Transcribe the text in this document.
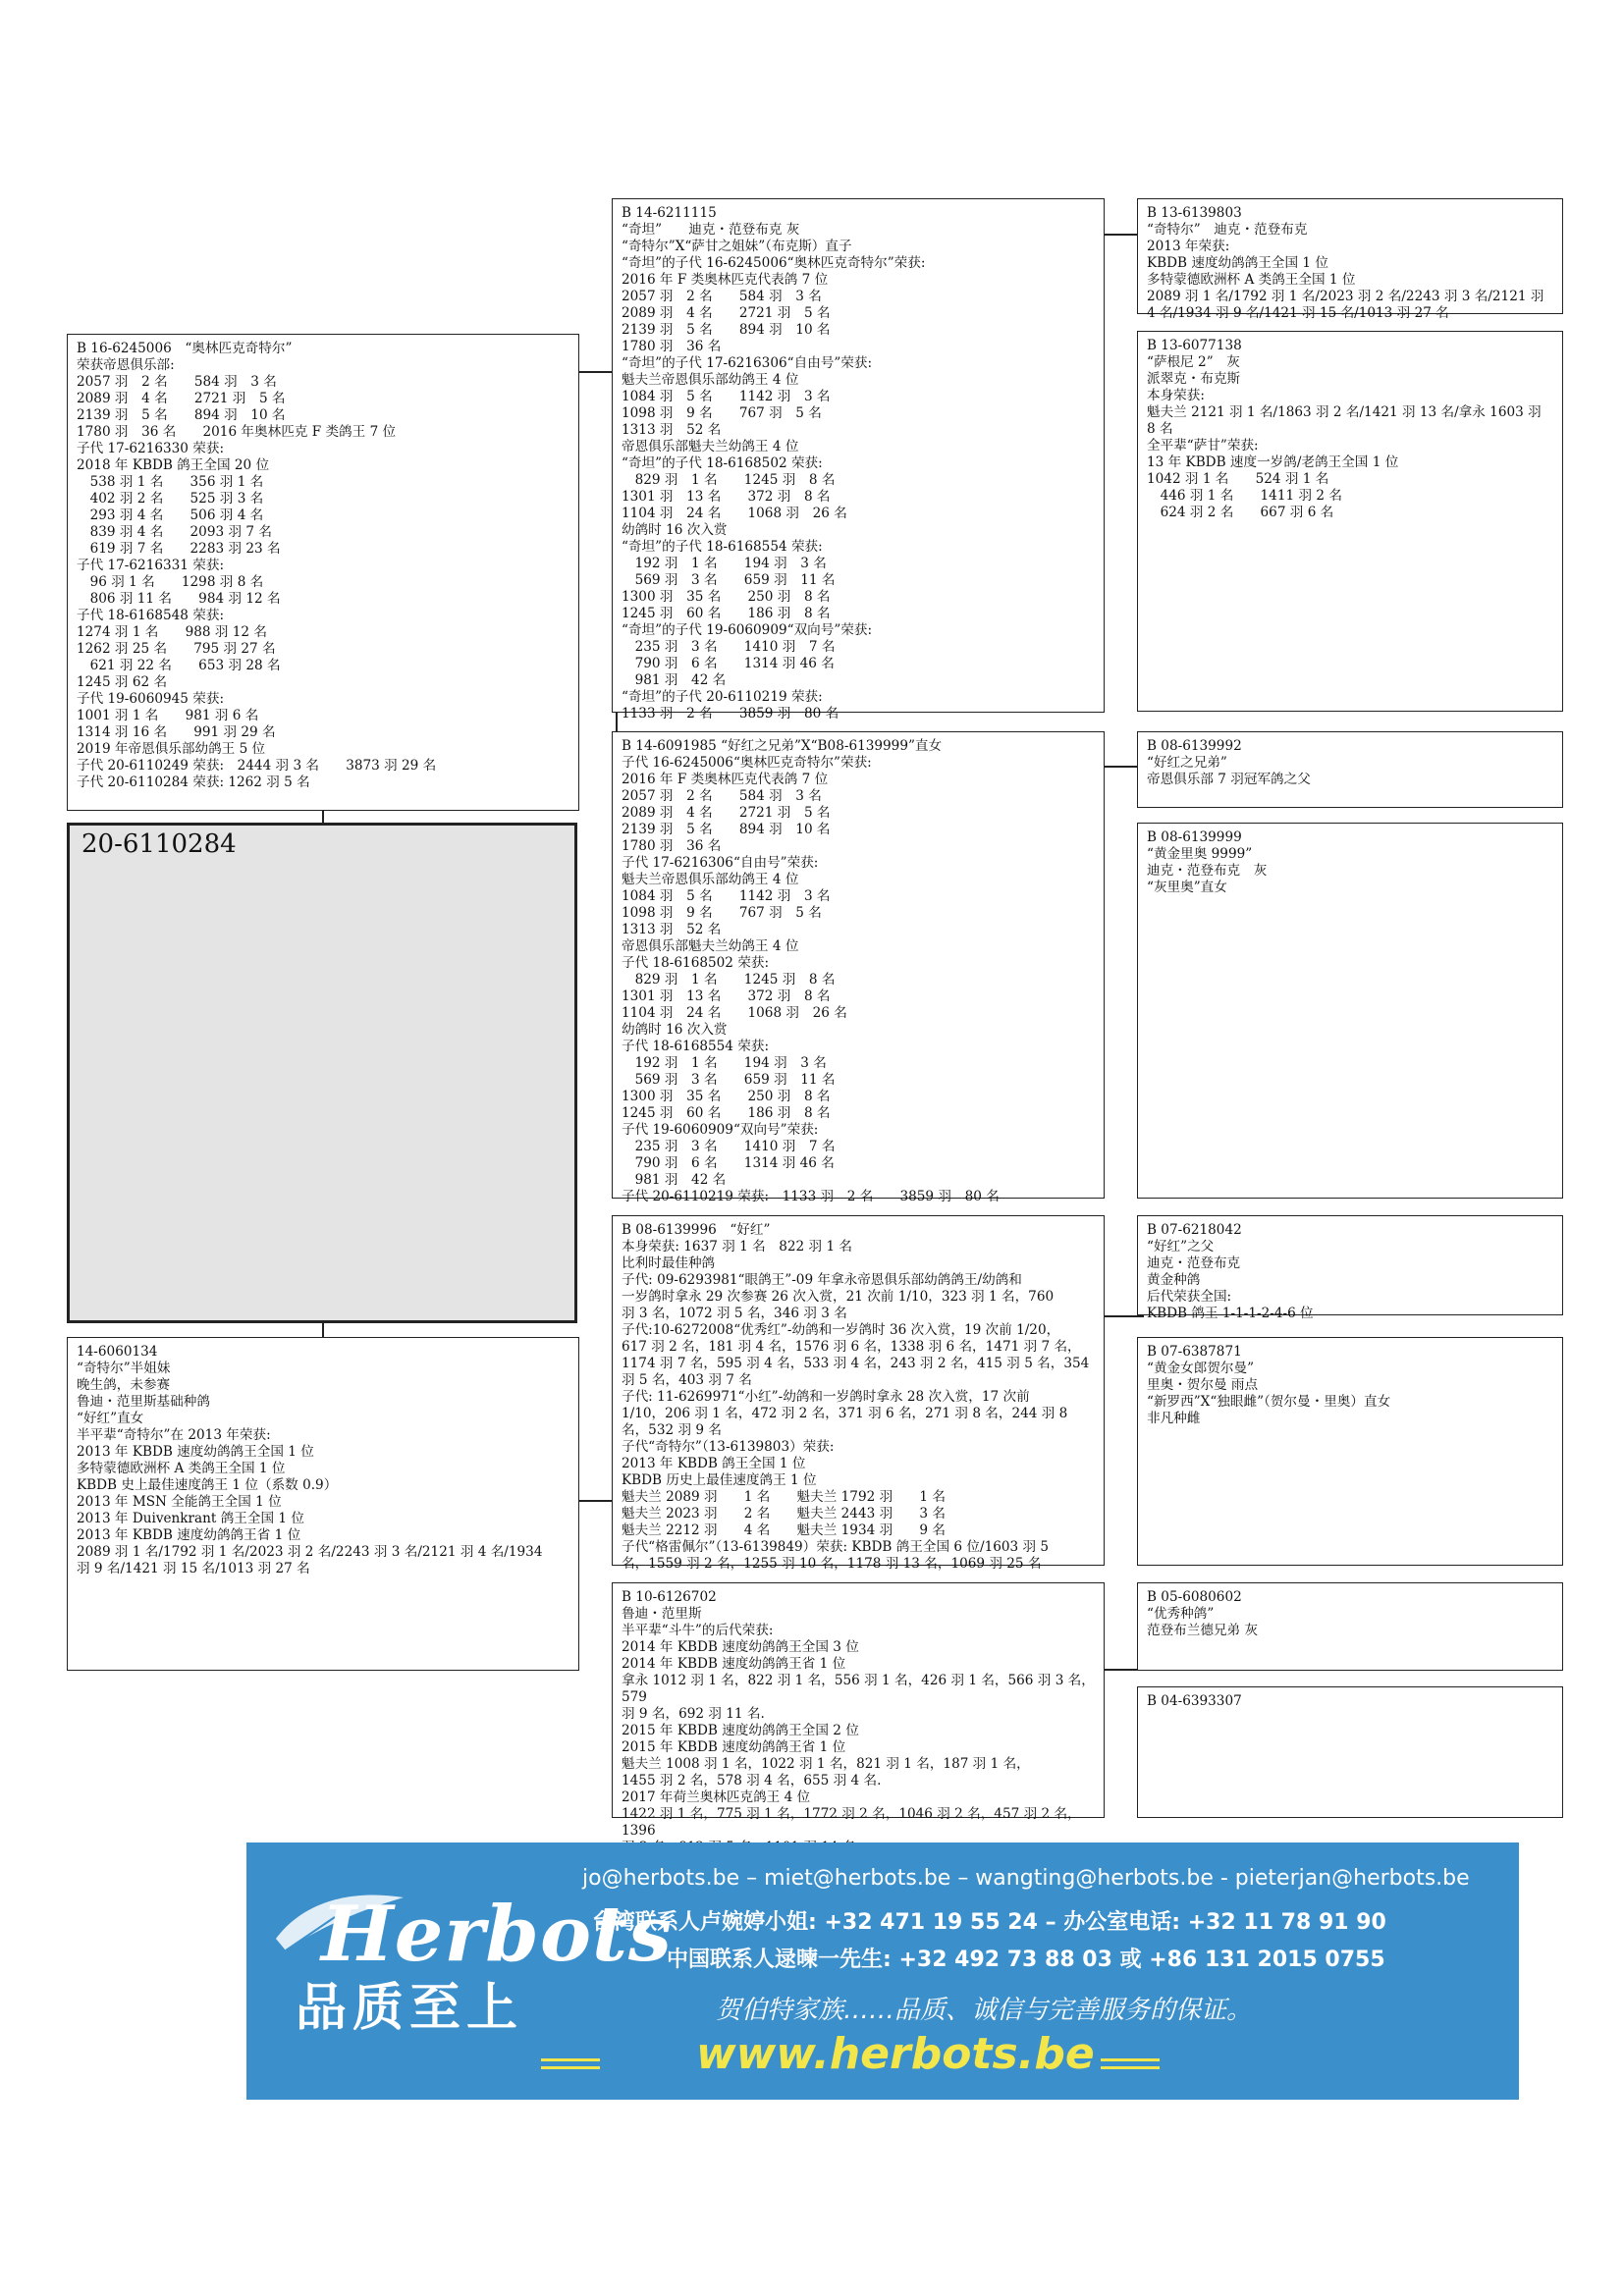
B 16-6245006　“奥林匹克奇特尔”
荣获帝恩俱乐部:
2057 羽　2 名　　584 羽　3 名
2089 羽　4 名　　2721 羽　5 名
2139 羽　5 名　　894 羽　10 名
1780 羽　36 名　　2016 年奥林匹克 F 类鸽王 7 位
子代 17-6216330 荣获:
2018 年 KBDB 鸽王全国 20 位
　538 羽 1 名　　356 羽 1 名
　402 羽 2 名　　525 羽 3 名
　293 羽 4 名　　506 羽 4 名
　839 羽 4 名　　2093 羽 7 名
　619 羽 7 名　　2283 羽 23 名
子代 17-6216331 荣获:
　96 羽 1 名　　1298 羽 8 名
　806 羽 11 名　　984 羽 12 名
子代 18-6168548 荣获:
1274 羽 1 名　　988 羽 12 名
1262 羽 25 名　　795 羽 27 名
　621 羽 22 名　　653 羽 28 名
1245 羽 62 名
子代 19-6060945 荣获:
1001 羽 1 名　　981 羽 6 名
1314 羽 16 名　　991 羽 29 名
2019 年帝恩俱乐部幼鸽王 5 位
子代 20-6110249 荣获:　2444 羽 3 名　　3873 羽 29 名
子代 20-6110284 荣获: 1262 羽 5 名
20-6110284
14-6060134
“奇特尔”半姐妹
晚生鸽，未参赛
鲁迪・范里斯基础种鸽
“好红”直女
半平辈“奇特尔”在 2013 年荣获:
2013 年 KBDB 速度幼鸽鸽王全国 1 位
多特蒙德欧洲杯 A 类鸽王全国 1 位
KBDB 史上最佳速度鸽王 1 位（系数 0.9）
2013 年 MSN 全能鸽王全国 1 位
2013 年 Duivenkrant 鸽王全国 1 位
2013 年 KBDB 速度幼鸽鸽王省 1 位
2089 羽 1 名/1792 羽 1 名/2023 羽 2 名/2243 羽 3 名/2121 羽 4 名/1934
羽 9 名/1421 羽 15 名/1013 羽 27 名
B 14-6211115
“奇坦”　　迪克・范登布克 灰
“奇特尔”X“萨甘之姐妹”（布克斯）直子
“奇坦”的子代 16-6245006“奥林匹克奇特尔”荣获:
2016 年 F 类奥林匹克代表鸽 7 位
2057 羽　2 名　　584 羽　3 名
2089 羽　4 名　　2721 羽　5 名
2139 羽　5 名　　894 羽　10 名
1780 羽　36 名
“奇坦”的子代 17-6216306“自由号”荣获:
魁夫兰帝恩俱乐部幼鸽王 4 位
1084 羽　5 名　　1142 羽　3 名
1098 羽　9 名　　767 羽　5 名
1313 羽　52 名
帝恩俱乐部魁夫兰幼鸽王 4 位
“奇坦”的子代 18-6168502 荣获:
　829 羽　1 名　　1245 羽　8 名
1301 羽　13 名　　372 羽　8 名
1104 羽　24 名　　1068 羽　26 名
幼鸽时 16 次入赏
“奇坦”的子代 18-6168554 荣获:
　192 羽　1 名　　194 羽　3 名
　569 羽　3 名　　659 羽　11 名
1300 羽　35 名　　250 羽　8 名
1245 羽　60 名　　186 羽　8 名
“奇坦”的子代 19-6060909“双向号”荣获:
　235 羽　3 名　　1410 羽　7 名
　790 羽　6 名　　1314 羽 46 名
　981 羽　42 名
“奇坦”的子代 20-6110219 荣获:
1133 羽　2 名　　3859 羽　80 名
B 14-6091985 “好红之兄弟”X“B08-6139999”直女
子代 16-6245006“奥林匹克奇特尔”荣获:
2016 年 F 类奥林匹克代表鸽 7 位
2057 羽　2 名　　584 羽　3 名
2089 羽　4 名　　2721 羽　5 名
2139 羽　5 名　　894 羽　10 名
1780 羽　36 名
子代 17-6216306“自由号”荣获:
魁夫兰帝恩俱乐部幼鸽王 4 位
1084 羽　5 名　　1142 羽　3 名
1098 羽　9 名　　767 羽　5 名
1313 羽　52 名
帝恩俱乐部魁夫兰幼鸽王 4 位
子代 18-6168502 荣获:
　829 羽　1 名　　1245 羽　8 名
1301 羽　13 名　　372 羽　8 名
1104 羽　24 名　　1068 羽　26 名
幼鸽时 16 次入赏
子代 18-6168554 荣获:
　192 羽　1 名　　194 羽　3 名
　569 羽　3 名　　659 羽　11 名
1300 羽　35 名　　250 羽　8 名
1245 羽　60 名　　186 羽　8 名
子代 19-6060909“双向号”荣获:
　235 羽　3 名　　1410 羽　7 名
　790 羽　6 名　　1314 羽 46 名
　981 羽　42 名
子代 20-6110219 荣获:　1133 羽　2 名　　3859 羽　80 名
B 08-6139996　“好红”
本身荣获: 1637 羽 1 名　822 羽 1 名
比利时最佳种鸽
子代: 09-6293981“眼鸽王”-09 年拿永帝恩俱乐部幼鸽鸽王/幼鸽和
一岁鸽时拿永 29 次参赛 26 次入赏，21 次前 1/10，323 羽 1 名，760
羽 3 名，1072 羽 5 名，346 羽 3 名
子代:10-6272008“优秀红”-幼鸽和一岁鸽时 36 次入赏，19 次前 1/20，
617 羽 2 名，181 羽 4 名，1576 羽 6 名，1338 羽 6 名，1471 羽 7 名，
1174 羽 7 名，595 羽 4 名，533 羽 4 名，243 羽 2 名，415 羽 5 名，354
羽 5 名，403 羽 7 名
子代: 11-6269971“小红”-幼鸽和一岁鸽时拿永 28 次入赏，17 次前
1/10，206 羽 1 名，472 羽 2 名，371 羽 6 名，271 羽 8 名，244 羽 8
名，532 羽 9 名
子代“奇特尔”（13-6139803）荣获:
2013 年 KBDB 鸽王全国 1 位
KBDB 历史上最佳速度鸽王 1 位
魁夫兰 2089 羽　　1 名　　魁夫兰 1792 羽　　1 名
魁夫兰 2023 羽　　2 名　　魁夫兰 2443 羽　　3 名
魁夫兰 2212 羽　　4 名　　魁夫兰 1934 羽　　9 名
子代“格雷佩尔”（13-6139849）荣获: KBDB 鸽王全国 6 位/1603 羽 5
名，1559 羽 2 名，1255 羽 10 名，1178 羽 13 名，1069 羽 25 名
B 10-6126702
鲁迪・范里斯
半平辈“斗牛”的后代荣获:
2014 年 KBDB 速度幼鸽鸽王全国 3 位
2014 年 KBDB 速度幼鸽鸽王省 1 位
拿永 1012 羽 1 名，822 羽 1 名，556 羽 1 名，426 羽 1 名，566 羽 3 名，579
羽 9 名，692 羽 11 名.
2015 年 KBDB 速度幼鸽鸽王全国 2 位
2015 年 KBDB 速度幼鸽鸽王省 1 位
魁夫兰 1008 羽 1 名，1022 羽 1 名，821 羽 1 名，187 羽 1 名，
1455 羽 2 名，578 羽 4 名，655 羽 4 名.
2017 年荷兰奥林匹克鸽王 4 位
1422 羽 1 名，775 羽 1 名，1772 羽 2 名，1046 羽 2 名，457 羽 2 名，1396
B 13-6139803
“奇特尔”　迪克・范登布克
2013 年荣获:
KBDB 速度幼鸽鸽王全国 1 位
多特蒙德欧洲杯 A 类鸽王全国 1 位
2089 羽 1 名/1792 羽 1 名/2023 羽 2 名/2243 羽 3 名/2121 羽
4 名/1934 羽 9 名/1421 羽 15 名/1013 羽 27 名
B 13-6077138
“萨根尼 2”　灰
派翠克・布克斯
本身荣获:
魁夫兰 2121 羽 1 名/1863 羽 2 名/1421 羽 13 名/拿永 1603 羽
8 名
全平辈“萨甘”荣获:
13 年 KBDB 速度一岁鸽/老鸽王全国 1 位
1042 羽 1 名　　524 羽 1 名
　446 羽 1 名　　1411 羽 2 名
　624 羽 2 名　　667 羽 6 名
B 08-6139992
“好红之兄弟”
帝恩俱乐部 7 羽冠军鸽之父
B 08-6139999
“黄金里奥 9999”
迪克・范登布克　灰
“灰里奥”直女
B 07-6218042
“好红”之父
迪克・范登布克
黄金种鸽
后代荣获全国:
KBDB 鸽王 1-1-1-2-4-6 位
B 07-6387871
“黄金女郎贺尔曼”
里奥・贺尔曼 雨点
“新罗西”X“独眼雌”（贺尔曼・里奥）直女
非凡种雌
B 05-6080602
“优秀种鸽”
范登布兰德兄弟 灰
B 04-6393307
Herbots
品质至上
jo@herbots.be – miet@herbots.be – wangting@herbots.be - pieterjan@herbots.be
台湾联系人卢婉婷小姐: +32 471 19 55 24 – 办公室电话: +32 11 78 91 90
中国联系人逯暕一先生: +32 492 73 88 03 或 +86 131 2015 0755
贺伯特家族……品质、诚信与完善服务的保证。
www.herbots.be
